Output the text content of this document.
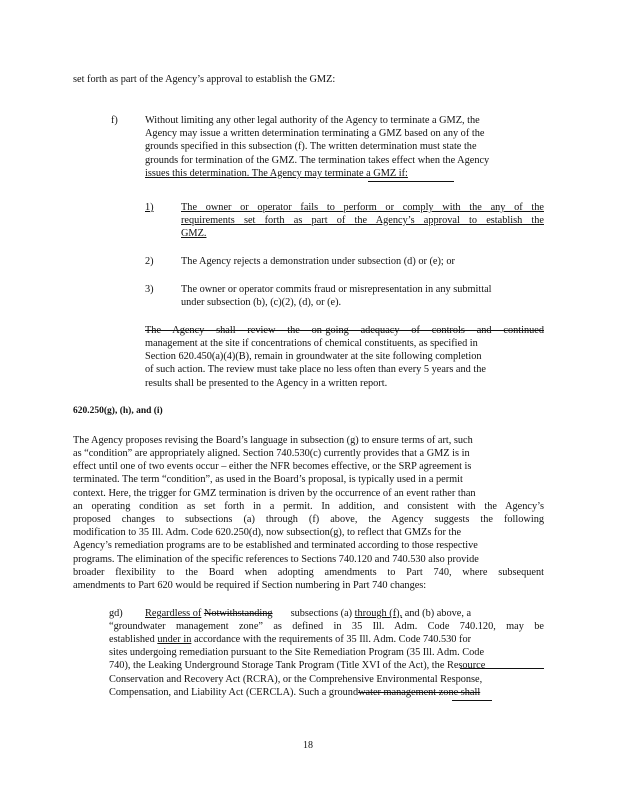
set forth as part of the Agency’s approval to establish the GMZ:
f)	Without limiting any other legal authority of the Agency to terminate a GMZ, the
Agency may issue a written determination terminating a GMZ based on any of the
grounds specified in this subsection (f). The written determination must state the
grounds for termination of the GMZ. The termination takes effect when the Agency
issues this determination. The Agency may terminate a GMZ if:
1)	The owner or operator fails to perform or comply with the any of the
requirements set forth as part of the Agency’s approval to establish the
GMZ.
2)	The Agency rejects a demonstration under subsection (d) or (e); or
3)	The owner or operator commits fraud or misrepresentation in any submittal
under subsection (b), (c)(2), (d), or (e).
The Agency shall review the on-going adequacy of controls and continued
management at the site if concentrations of chemical constituents, as specified in
Section 620.450(a)(4)(B), remain in groundwater at the site following completion
of such action. The review must take place no less often than every 5 years and the
results shall be presented to the Agency in a written report.
620.250(g), (h), and (i)
The Agency proposes revising the Board’s language in subsection (g) to ensure terms of art, such
as “condition” are appropriately aligned. Section 740.530(c) currently provides that a GMZ is in
effect until one of two events occur – either the NFR becomes effective, or the SRP agreement is
terminated. The term “condition”, as used in the Board’s proposal, is typically used in a permit
context. Here, the trigger for GMZ termination is driven by the occurrence of an event rather than
an operating condition as set forth in a permit. In addition, and consistent with the Agency’s
proposed changes to subsections (a) through (f) above, the Agency suggests the following
modification to 35 Ill. Adm. Code 620.250(d), now subsection(g), to reflect that GMZs for the
Agency’s remediation programs are to be established and terminated according to those respective
programs. The elimination of the specific references to Sections 740.120 and 740.530 also provide
broader flexibility to the Board when adopting amendments to Part 740, where subsequent
amendments to Part 620 would be required if Section numbering in Part 740 changes:
gd) Regardless of Notwithstanding subsections (a) through (f), and (b) above, a
“groundwater management zone” as defined in 35 Ill. Adm. Code 740.120, may be
established under in accordance with the requirements of 35 Ill. Adm. Code 740.530 for
sites undergoing remediation pursuant to the Site Remediation Program (35 Ill. Adm. Code
740), the Leaking Underground Storage Tank Program (Title XVI of the Act), the Resource
Conservation and Recovery Act (RCRA), or the Comprehensive Environmental Response,
Compensation, and Liability Act (CERCLA). Such a groundwater management zone shall
18
